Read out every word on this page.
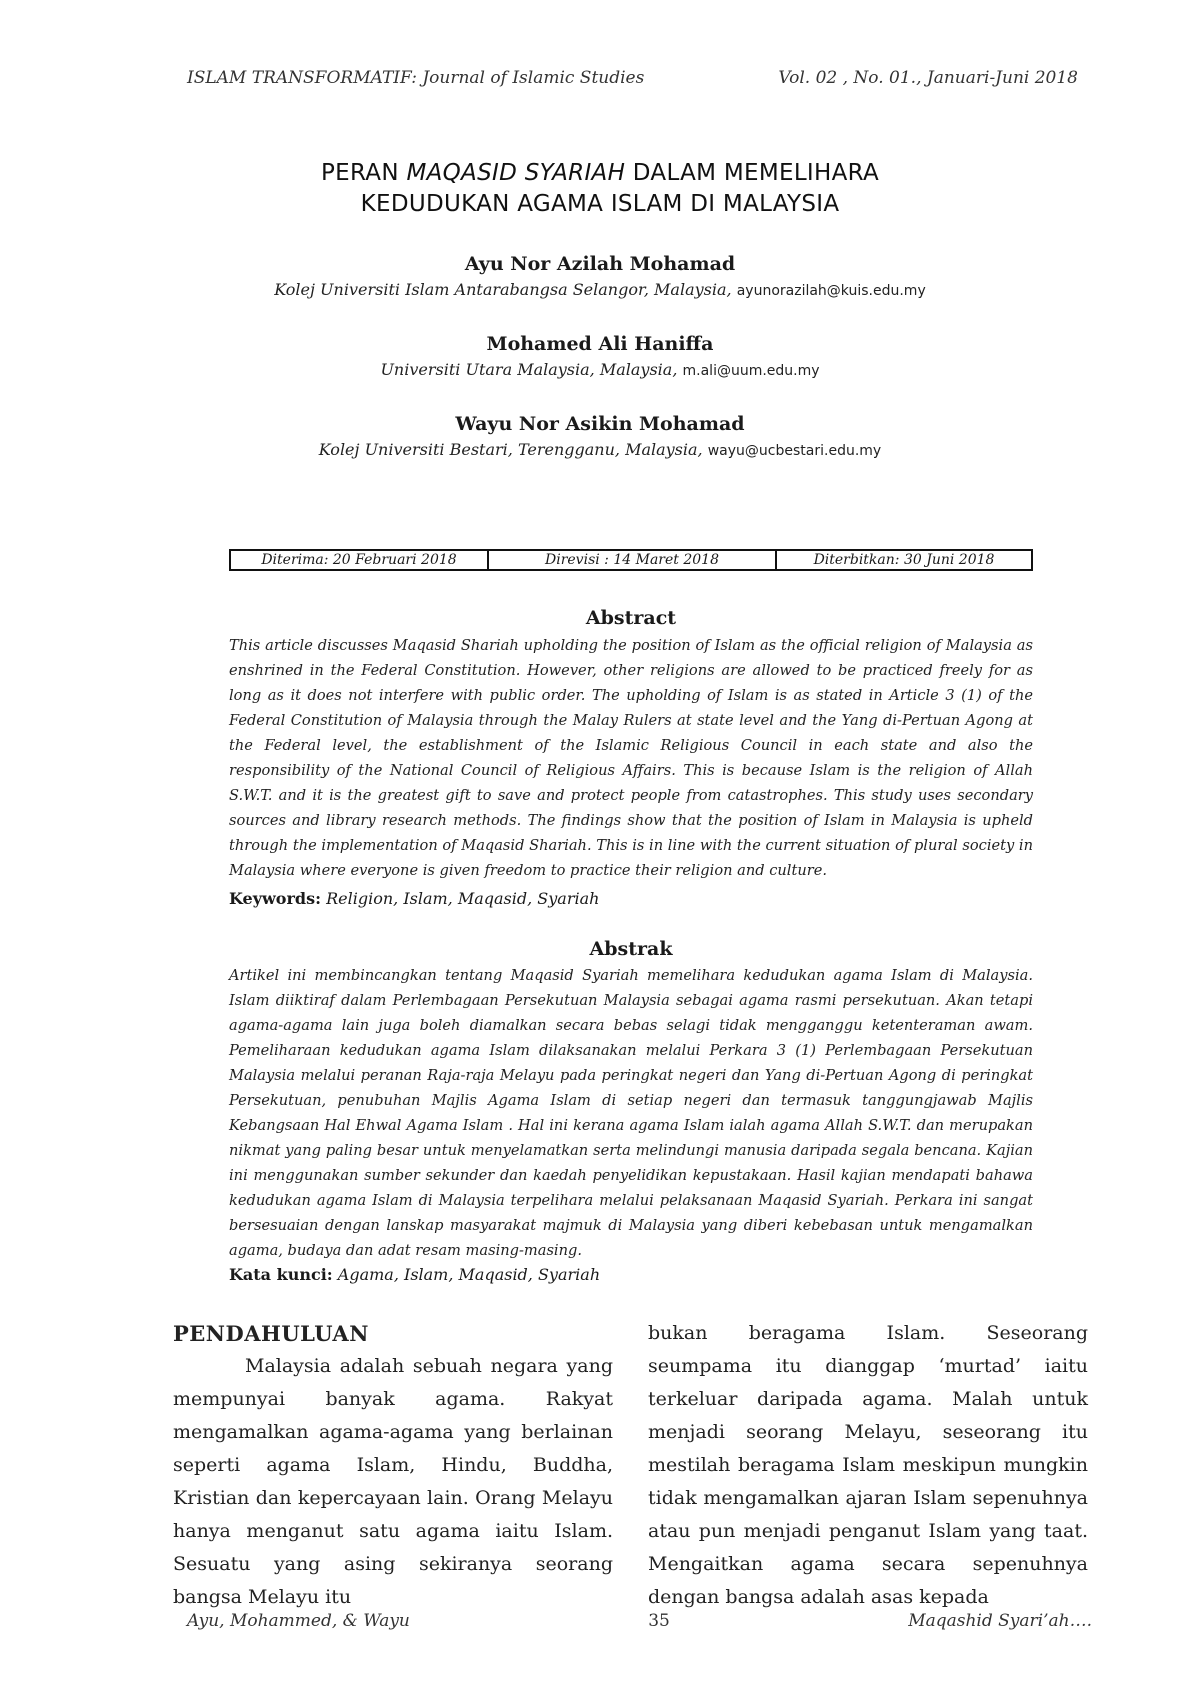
ISLAM TRANSFORMATIF: Journal of Islamic Studies	Vol. 02 , No. 01., Januari-Juni 2018
PERAN MAQASID SYARIAH DALAM MEMELIHARA
KEDUDUKAN AGAMA ISLAM DI MALAYSIA
Ayu Nor Azilah Mohamad
Kolej Universiti Islam Antarabangsa Selangor, Malaysia, ayunorazilah@kuis.edu.my
Mohamed Ali Haniffa
Universiti Utara Malaysia, Malaysia, m.ali@uum.edu.my
Wayu Nor Asikin Mohamad
Kolej Universiti Bestari, Terengganu, Malaysia, wayu@ucbestari.edu.my
Diterima: 20 Februari 2018	Direvisi : 14 Maret 2018	Diterbitkan: 30 Juni 2018
Abstract

This article discusses Maqasid Shariah upholding the position of Islam as the official religion of Malaysia as enshrined in the Federal Constitution. However, other religions are allowed to be practiced freely for as long as it does not interfere with public order. The upholding of Islam is as stated in Article 3 (1) of the Federal Constitution of Malaysia through the Malay Rulers at state level and the Yang di-Pertuan Agong at the Federal level, the establishment of the Islamic Religious Council in each state and also the responsibility of the National Council of Religious Affairs. This is because Islam is the religion of Allah S.W.T. and it is the greatest gift to save and protect people from catastrophes. This study uses secondary sources and library research methods. The findings show that the position of Islam in Malaysia is upheld through the implementation of Maqasid Shariah. This is in line with the current situation of plural society in Malaysia where everyone is given freedom to practice their religion and culture.

Keywords: Religion, Islam, Maqasid, Syariah
Abstrak

Artikel ini membincangkan tentang Maqasid Syariah memelihara kedudukan agama Islam di Malaysia. Islam diiktiraf dalam Perlembagaan Persekutuan Malaysia sebagai agama rasmi persekutuan. Akan tetapi agama-agama lain juga boleh diamalkan secara bebas selagi tidak mengganggu ketenteraman awam. Pemeliharaan kedudukan agama Islam dilaksanakan melalui Perkara 3 (1) Perlembagaan Persekutuan Malaysia melalui peranan Raja-raja Melayu pada peringkat negeri dan Yang di-Pertuan Agong di peringkat Persekutuan, penubuhan Majlis Agama Islam di setiap negeri dan termasuk tanggungjawab Majlis Kebangsaan Hal Ehwal Agama Islam . Hal ini kerana agama Islam ialah agama Allah S.W.T. dan merupakan nikmat yang paling besar untuk menyelamatkan serta melindungi manusia daripada segala bencana. Kajian ini menggunakan sumber sekunder dan kaedah penyelidikan kepustakaan. Hasil kajian mendapati bahawa kedudukan agama Islam di Malaysia terpelihara melalui pelaksanaan Maqasid Syariah. Perkara ini sangat bersesuaian dengan lanskap masyarakat majmuk di Malaysia yang diberi kebebasan untuk mengamalkan agama, budaya dan adat resam masing-masing.

Kata kunci: Agama, Islam, Maqasid, Syariah
PENDAHULUAN

Malaysia adalah sebuah negara yang mempunyai banyak agama. Rakyat mengamalkan agama-agama yang berlainan seperti agama Islam, Hindu, Buddha, Kristian dan kepercayaan lain. Orang Melayu hanya menganut satu agama iaitu Islam. Sesuatu yang asing sekiranya seorang bangsa Melayu itu

bukan beragama Islam. Seseorang seumpama itu dianggap ‘murtad’ iaitu terkeluar daripada agama. Malah untuk menjadi seorang Melayu, seseorang itu mestilah beragama Islam meskipun mungkin tidak mengamalkan ajaran Islam sepenuhnya atau pun menjadi penganut Islam yang taat. Mengaitkan agama secara sepenuhnya dengan bangsa adalah asas kepada

Ayu, Mohammed, & Wayu	35	Maqashid Syari’ah….
